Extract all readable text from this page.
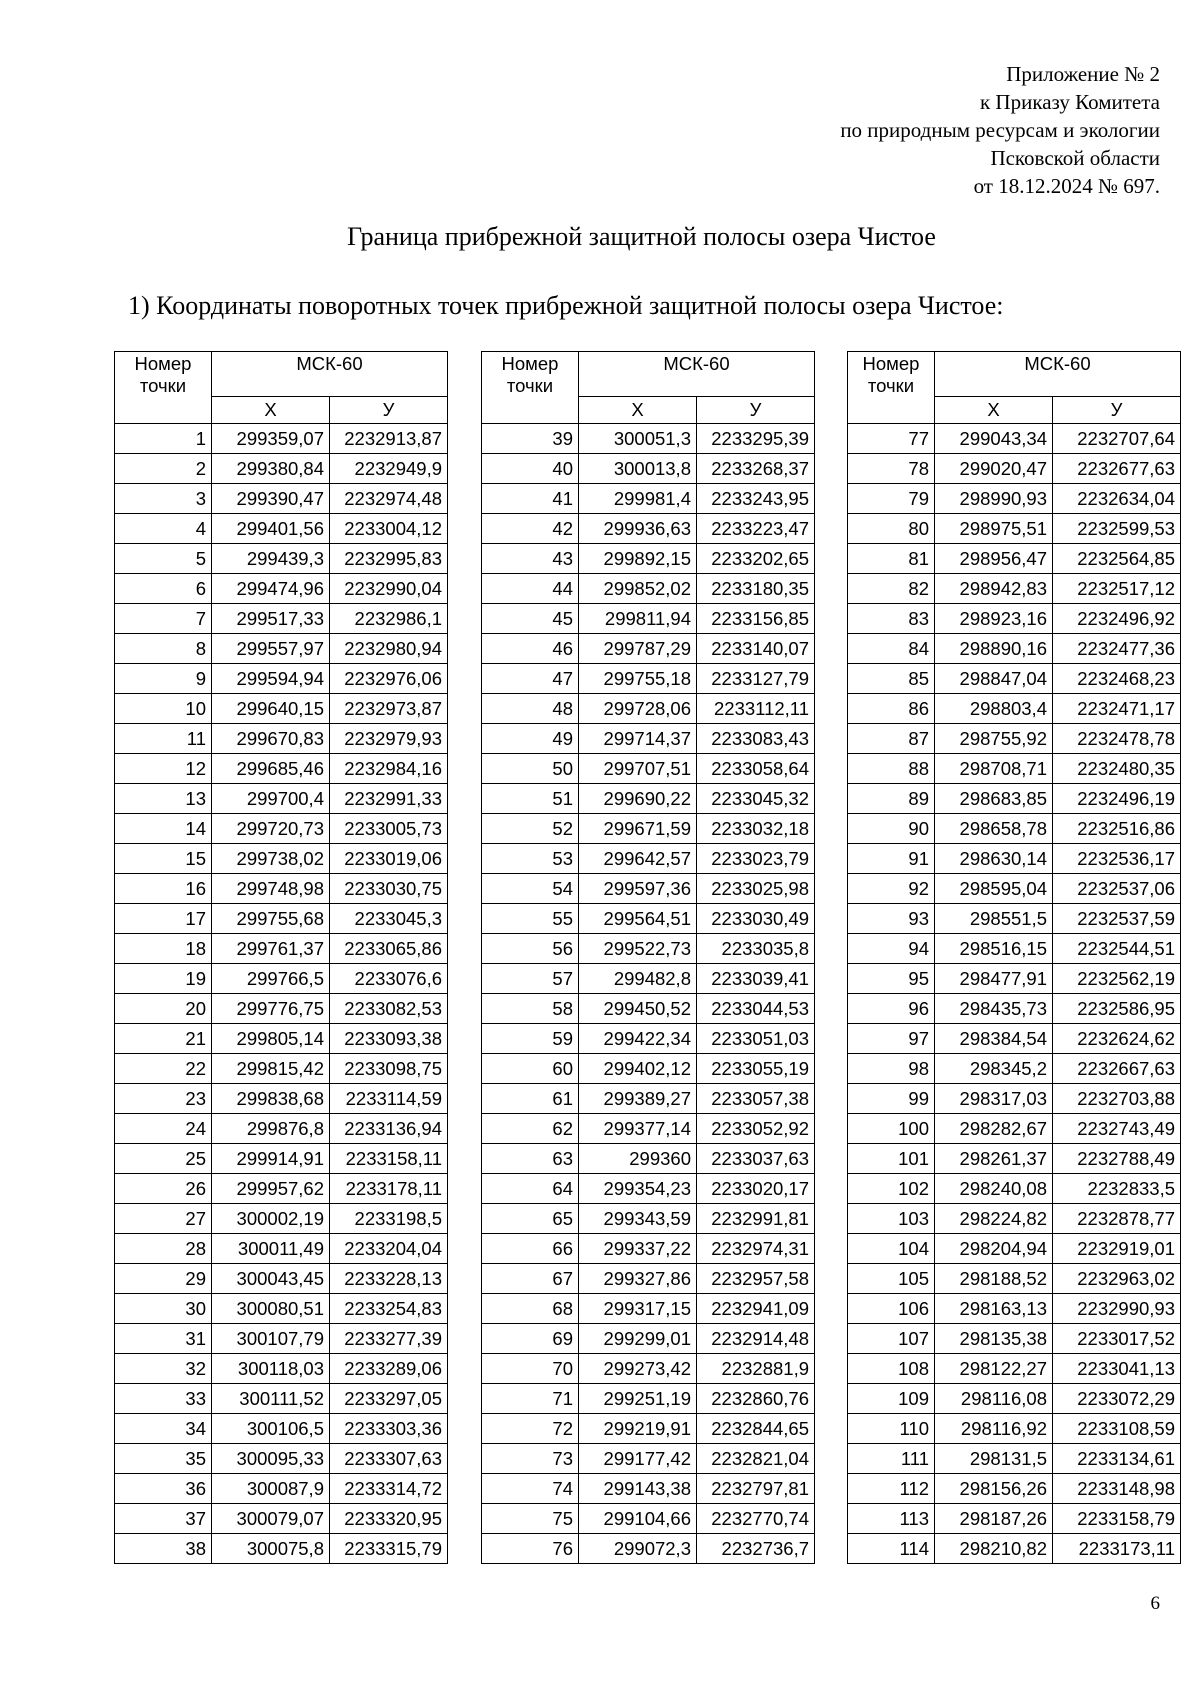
Приложение № 2
к Приказу Комитета
по природным ресурсам и экологии
Псковской области
от 18.12.2024 № 697.
Граница прибрежной защитной полосы озера Чистое
1) Координаты поворотных точек прибрежной защитной полосы озера Чистое:
Номер точки	МСК-60	
	X	У
1	299359,07	2232913,87
2	299380,84	2232949,9
3	299390,47	2232974,48
4	299401,56	2233004,12
5	299439,3	2232995,83
6	299474,96	2232990,04
7	299517,33	2232986,1
8	299557,97	2232980,94
9	299594,94	2232976,06
10	299640,15	2232973,87
11	299670,83	2232979,93
12	299685,46	2232984,16
13	299700,4	2232991,33
14	299720,73	2233005,73
15	299738,02	2233019,06
16	299748,98	2233030,75
17	299755,68	2233045,3
18	299761,37	2233065,86
19	299766,5	2233076,6
20	299776,75	2233082,53
21	299805,14	2233093,38
22	299815,42	2233098,75
23	299838,68	2233114,59
24	299876,8	2233136,94
25	299914,91	2233158,11
26	299957,62	2233178,11
27	300002,19	2233198,5
28	300011,49	2233204,04
29	300043,45	2233228,13
30	300080,51	2233254,83
31	300107,79	2233277,39
32	300118,03	2233289,06
33	300111,52	2233297,05
34	300106,5	2233303,36
35	300095,33	2233307,63
36	300087,9	2233314,72
37	300079,07	2233320,95
38	300075,8	2233315,79
Номер точки	МСК-60	
	X	У
39	300051,3	2233295,39
40	300013,8	2233268,37
41	299981,4	2233243,95
42	299936,63	2233223,47
43	299892,15	2233202,65
44	299852,02	2233180,35
45	299811,94	2233156,85
46	299787,29	2233140,07
47	299755,18	2233127,79
48	299728,06	2233112,11
49	299714,37	2233083,43
50	299707,51	2233058,64
51	299690,22	2233045,32
52	299671,59	2233032,18
53	299642,57	2233023,79
54	299597,36	2233025,98
55	299564,51	2233030,49
56	299522,73	2233035,8
57	299482,8	2233039,41
58	299450,52	2233044,53
59	299422,34	2233051,03
60	299402,12	2233055,19
61	299389,27	2233057,38
62	299377,14	2233052,92
63	299360	2233037,63
64	299354,23	2233020,17
65	299343,59	2232991,81
66	299337,22	2232974,31
67	299327,86	2232957,58
68	299317,15	2232941,09
69	299299,01	2232914,48
70	299273,42	2232881,9
71	299251,19	2232860,76
72	299219,91	2232844,65
73	299177,42	2232821,04
74	299143,38	2232797,81
75	299104,66	2232770,74
76	299072,3	2232736,7
Номер точки	МСК-60	
	X	У
77	299043,34	2232707,64
78	299020,47	2232677,63
79	298990,93	2232634,04
80	298975,51	2232599,53
81	298956,47	2232564,85
82	298942,83	2232517,12
83	298923,16	2232496,92
84	298890,16	2232477,36
85	298847,04	2232468,23
86	298803,4	2232471,17
87	298755,92	2232478,78
88	298708,71	2232480,35
89	298683,85	2232496,19
90	298658,78	2232516,86
91	298630,14	2232536,17
92	298595,04	2232537,06
93	298551,5	2232537,59
94	298516,15	2232544,51
95	298477,91	2232562,19
96	298435,73	2232586,95
97	298384,54	2232624,62
98	298345,2	2232667,63
99	298317,03	2232703,88
100	298282,67	2232743,49
101	298261,37	2232788,49
102	298240,08	2232833,5
103	298224,82	2232878,77
104	298204,94	2232919,01
105	298188,52	2232963,02
106	298163,13	2232990,93
107	298135,38	2233017,52
108	298122,27	2233041,13
109	298116,08	2233072,29
110	298116,92	2233108,59
111	298131,5	2233134,61
112	298156,26	2233148,98
113	298187,26	2233158,79
114	298210,82	2233173,11
6
